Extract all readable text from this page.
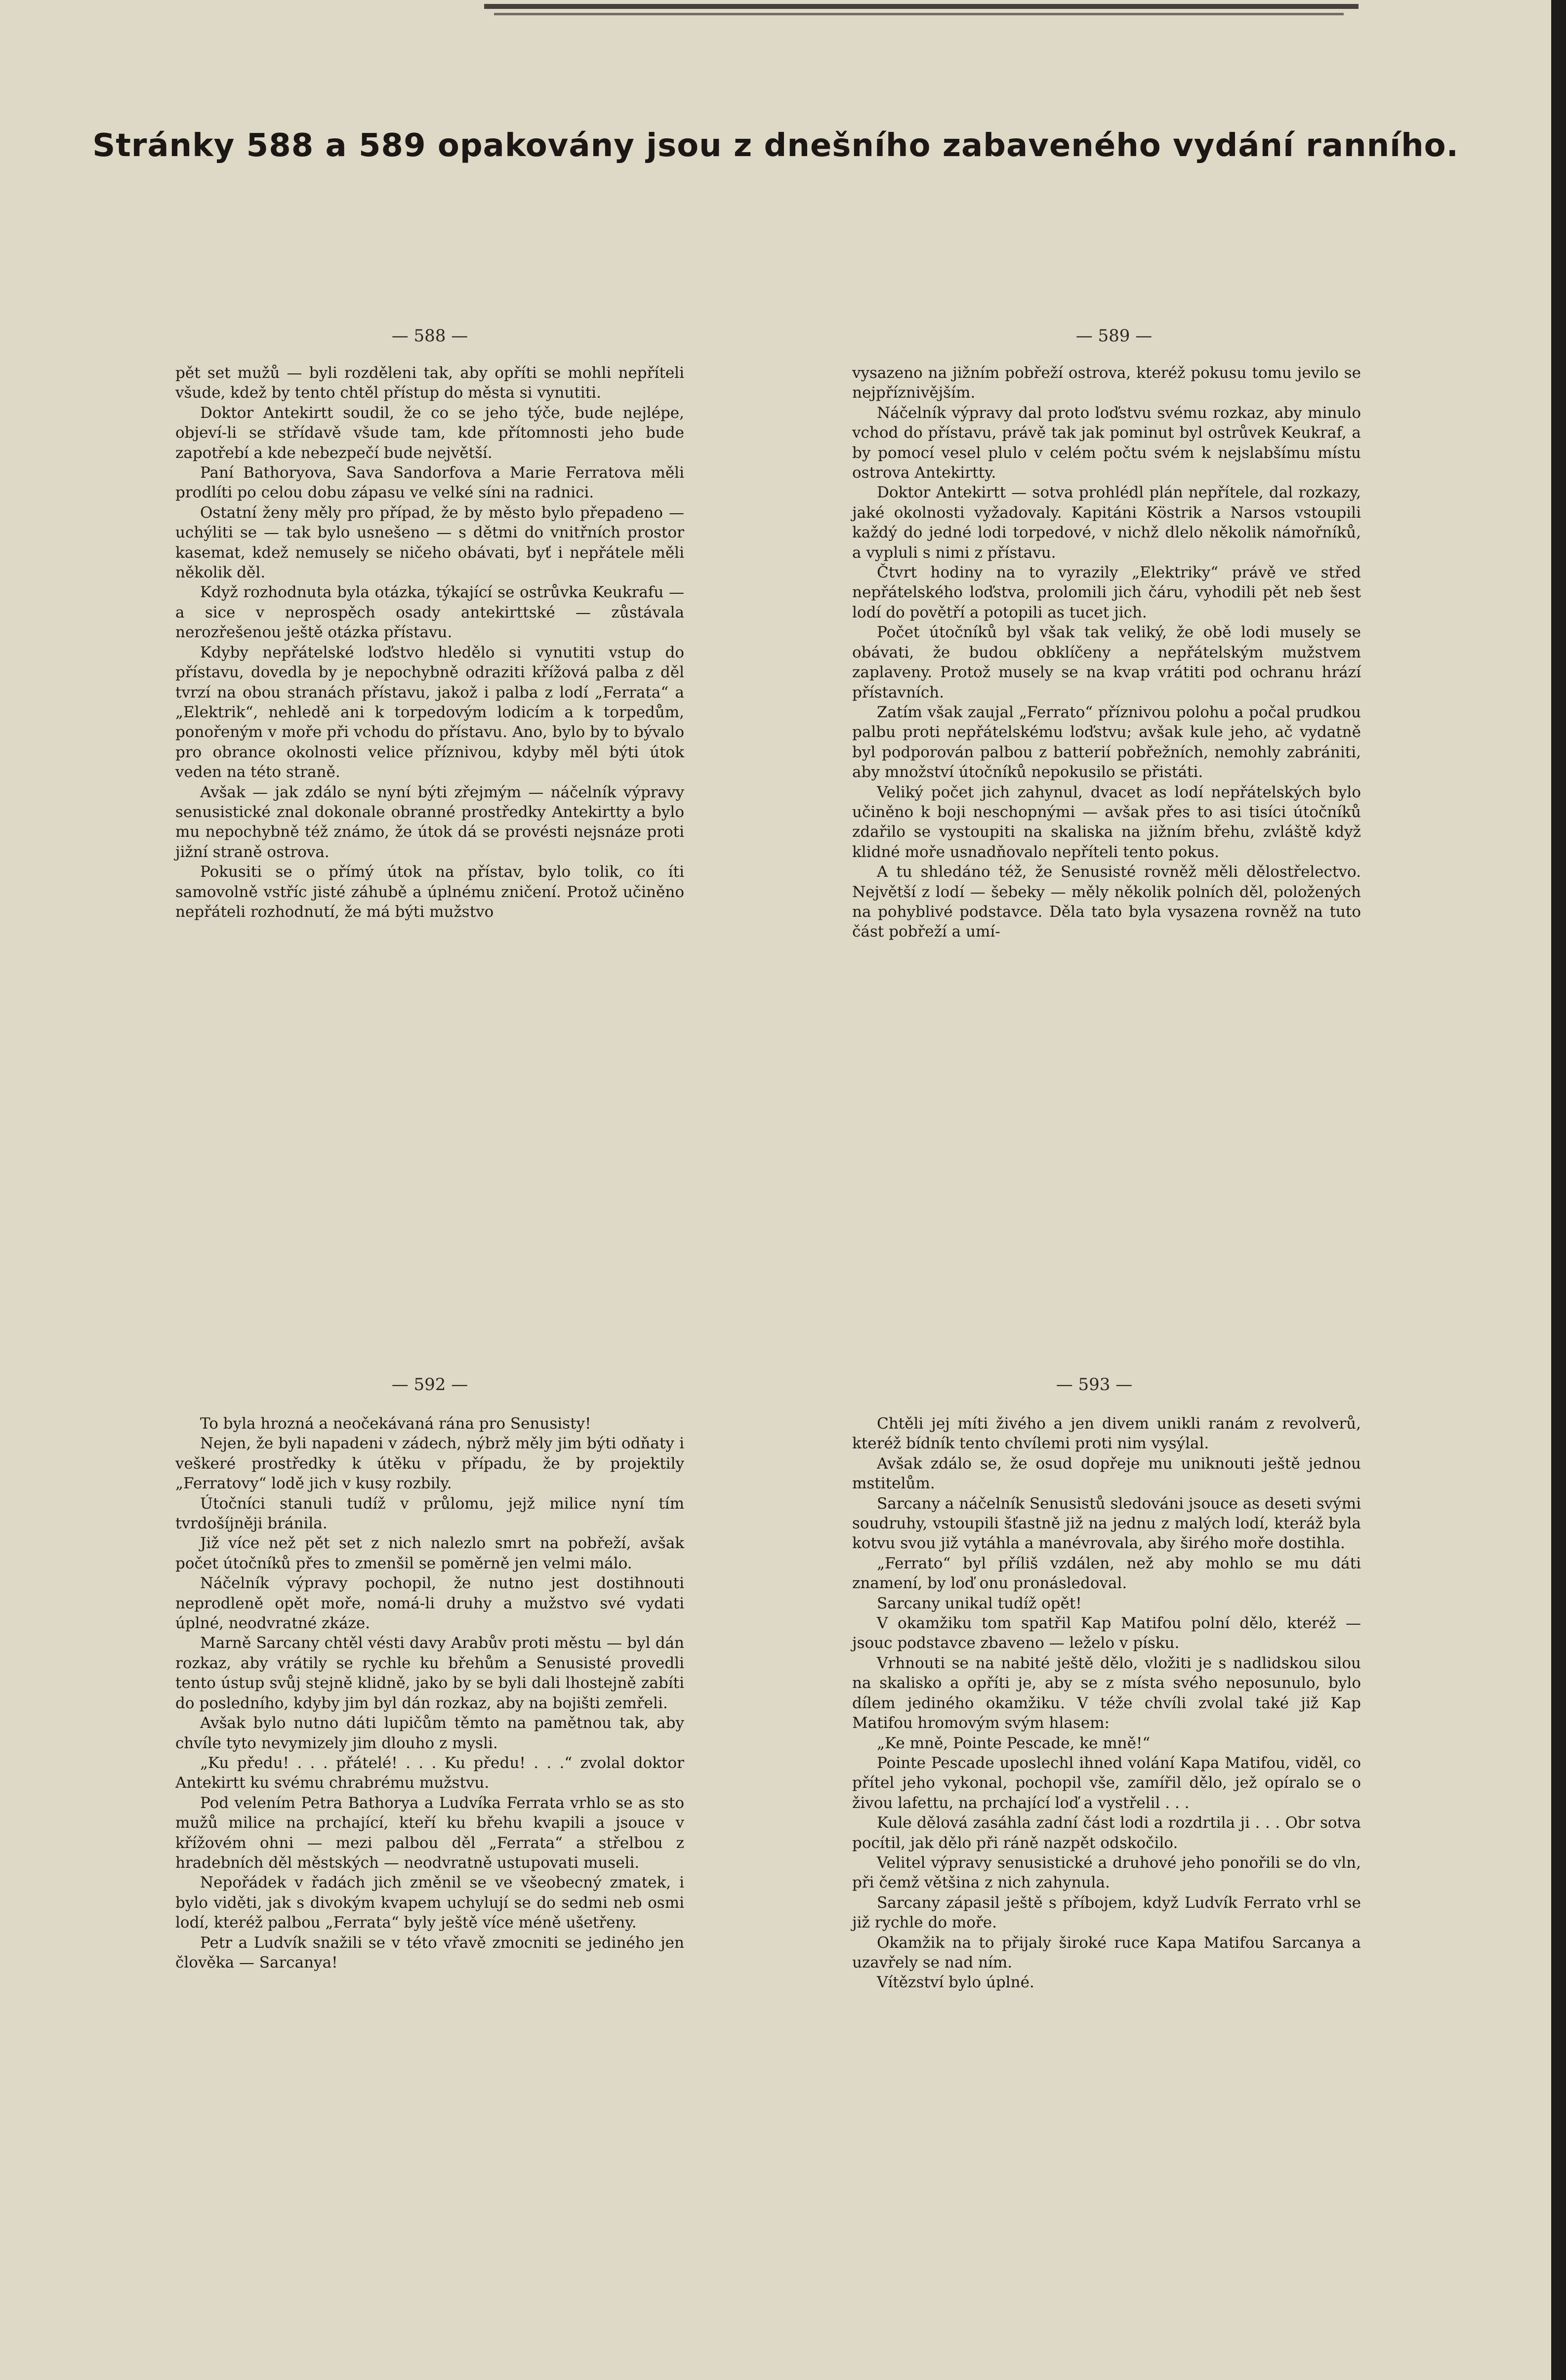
Stránky 588 a 589 opakovány jsou z dnešního zabaveného vydání ranního.
— 588 —	— 589 —

pět set mužů — byli rozděleni tak, aby opříti se mohli nepříteli všude, kdež by tento chtěl přístup do města si vynutiti.

Doktor Antekirtt soudil, že co se jeho týče, bude nejlépe, objeví-li se střídavě všude tam, kde přítomnosti jeho bude zapotřebí a kde nebezpečí bude největší.

Paní Bathoryova, Sava Sandorfova a Marie Ferratova měli prodlíti po celou dobu zápasu ve velké síni na radnici.

Ostatní ženy měly pro případ, že by město bylo přepadeno — uchýliti se — tak bylo usnešeno — s dětmi do vnitřních prostor kasemat, kdež nemusely se ničeho obávati, byť i nepřátele měli několik děl.

Když rozhodnuta byla otázka, týkající se ostrůvka Keukrafu — a sice v neprospěch osady antekirttské — zůstávala nerozřešenou ještě otázka přístavu.

Kdyby nepřátelské loďstvo hledělo si vynutiti vstup do přístavu, dovedla by je nepochybně odraziti křížová palba z děl tvrzí na obou stranách přístavu, jakož i palba z lodí „Ferrata“ a „Elektrik“, nehledě ani k torpedovým lodicím a k torpedům, ponořeným v moře při vchodu do přístavu. Ano, bylo by to bývalo pro obrance okolnosti velice příznivou, kdyby měl býti útok veden na této straně.

Avšak — jak zdálo se nyní býti zřejmým — náčelník výpravy senusistické znal dokonale obranné prostředky Antekirtty a bylo mu nepochybně též známo, že útok dá se provésti nejsnáze proti jižní straně ostrova.

Pokusiti se o přímý útok na přístav, bylo tolik, co íti samovolně vstříc jisté záhubě a úplnému zničení. Protož učiněno nepřáteli rozhodnutí, že má býti mužstvo

vysazeno na jižním pobřeží ostrova, kteréž pokusu tomu jevilo se nejpříznivějším.

Náčelník výpravy dal proto loďstvu svému rozkaz, aby minulo vchod do přístavu, právě tak jak pominut byl ostrůvek Keukraf, a by pomocí vesel plulo v celém počtu svém k nejslabšímu místu ostrova Antekirtty.

Doktor Antekirtt — sotva prohlédl plán nepřítele, dal rozkazy, jaké okolnosti vyžadovaly. Kapitáni Köstrik a Narsos vstoupili každý do jedné lodi torpedové, v nichž dlelo několik námořníků, a vypluli s nimi z přístavu.

Čtvrt hodiny na to vyrazily „Elektriky“ právě ve střed nepřátelského loďstva, prolomili jich čáru, vyhodili pět neb šest lodí do povětří a potopili as tucet jich.

Počet útočníků byl však tak veliký, že obě lodi musely se obávati, že budou obklíčeny a nepřátelským mužstvem zaplaveny. Protož musely se na kvap vrátiti pod ochranu hrází přístavních.

Zatím však zaujal „Ferrato“ příznivou polohu a počal prudkou palbu proti nepřátelskému loďstvu; avšak kule jeho, ač vydatně byl podporován palbou z batterií pobřežních, nemohly zabrániti, aby množství útočníků nepokusilo se přistáti.

Veliký počet jich zahynul, dvacet as lodí nepřátelských bylo učiněno k boji neschopnými — avšak přes to asi tisíci útočníků zdařilo se vystoupiti na skaliska na jižním břehu, zvláště když klidné moře usnadňovalo nepříteli tento pokus.

A tu shledáno též, že Senusisté rovněž měli dělostřelectvo. Největší z lodí — šebeky — měly několik polních děl, položených na pohyblivé podstavce. Děla tato byla vysazena rovněž na tuto část pobřeží a umí-

— 592 —	— 593 —

To byla hrozná a neočekávaná rána pro Senusisty!

Nejen, že byli napadeni v zádech, nýbrž měly jim býti odňaty i veškeré prostředky k útěku v případu, že by projektily „Ferratovy“ lodě jich v kusy rozbily.

Útočníci stanuli tudíž v průlomu, jejž milice nyní tím tvrdošíjněji bránila.

Již více než pět set z nich nalezlo smrt na pobřeží, avšak počet útočníků přes to zmenšil se poměrně jen velmi málo.

Náčelník výpravy pochopil, že nutno jest dostihnouti neprodleně opět moře, nomá-li druhy a mužstvo své vydati úplné, neodvratné zkáze.

Marně Sarcany chtěl vésti davy Arabův proti městu — byl dán rozkaz, aby vrátily se rychle ku břehům a Senusisté provedli tento ústup svůj stejně klidně, jako by se byli dali lhostejně zabíti do posledního, kdyby jim byl dán rozkaz, aby na bojišti zemřeli.

Avšak bylo nutno dáti lupičům těmto na pamětnou tak, aby chvíle tyto nevymizely jim dlouho z mysli.

„Ku předu! . . . přátelé! . . . Ku předu! . . .“ zvolal doktor Antekirtt ku svému chrabrému mužstvu.

Pod velením Petra Bathorya a Ludvíka Ferrata vrhlo se as sto mužů milice na prchající, kteří ku břehu kvapili a jsouce v křížovém ohni — mezi palbou děl „Ferrata“ a střelbou z hradebních děl městských — neodvratně ustupovati museli.

Nepořádek v řadách jich změnil se ve všeobecný zmatek, i bylo viděti, jak s divokým kvapem uchylují se do sedmi neb osmi lodí, kteréž palbou „Ferrata“ byly ještě více méně ušetřeny.

Petr a Ludvík snažili se v této vřavě zmocniti se jediného jen člověka — Sarcanya!

Chtěli jej míti živého a jen divem unikli ranám z revolverů, kteréž bídník tento chvílemi proti nim vysýlal.

Avšak zdálo se, že osud dopřeje mu uniknouti ještě jednou mstitelům.

Sarcany a náčelník Senusistů sledováni jsouce as deseti svými soudruhy, vstoupili šťastně již na jednu z malých lodí, kteráž byla kotvu svou již vytáhla a manévrovala, aby širého moře dostihla.

„Ferrato“ byl příliš vzdálen, než aby mohlo se mu dáti znamení, by loď onu pronásledoval.

Sarcany unikal tudíž opět!

V okamžiku tom spatřil Kap Matifou polní dělo, kteréž — jsouc podstavce zbaveno — leželo v písku.

Vrhnouti se na nabité ještě dělo, vložiti je s nadlidskou silou na skalisko a opříti je, aby se z místa svého neposunulo, bylo dílem jediného okamžiku. V téže chvíli zvolal také již Kap Matifou hromovým svým hlasem:

„Ke mně, Pointe Pescade, ke mně!“

Pointe Pescade uposlechl ihned volání Kapa Matifou, viděl, co přítel jeho vykonal, pochopil vše, zamířil dělo, jež opíralo se o živou lafettu, na prchající loď a vystřelil . . .

Kule dělová zasáhla zadní část lodi a rozdrtila ji . . . Obr sotva pocítil, jak dělo při ráně nazpět odskočilo.

Velitel výpravy senusistické a druhové jeho ponořili se do vln, při čemž většina z nich zahynula.

Sarcany zápasil ještě s příbojem, když Ludvík Ferrato vrhl se již rychle do moře.

Okamžik na to přijaly široké ruce Kapa Matifou Sarcanya a uzavřely se nad ním.

Vítězství bylo úplné.
